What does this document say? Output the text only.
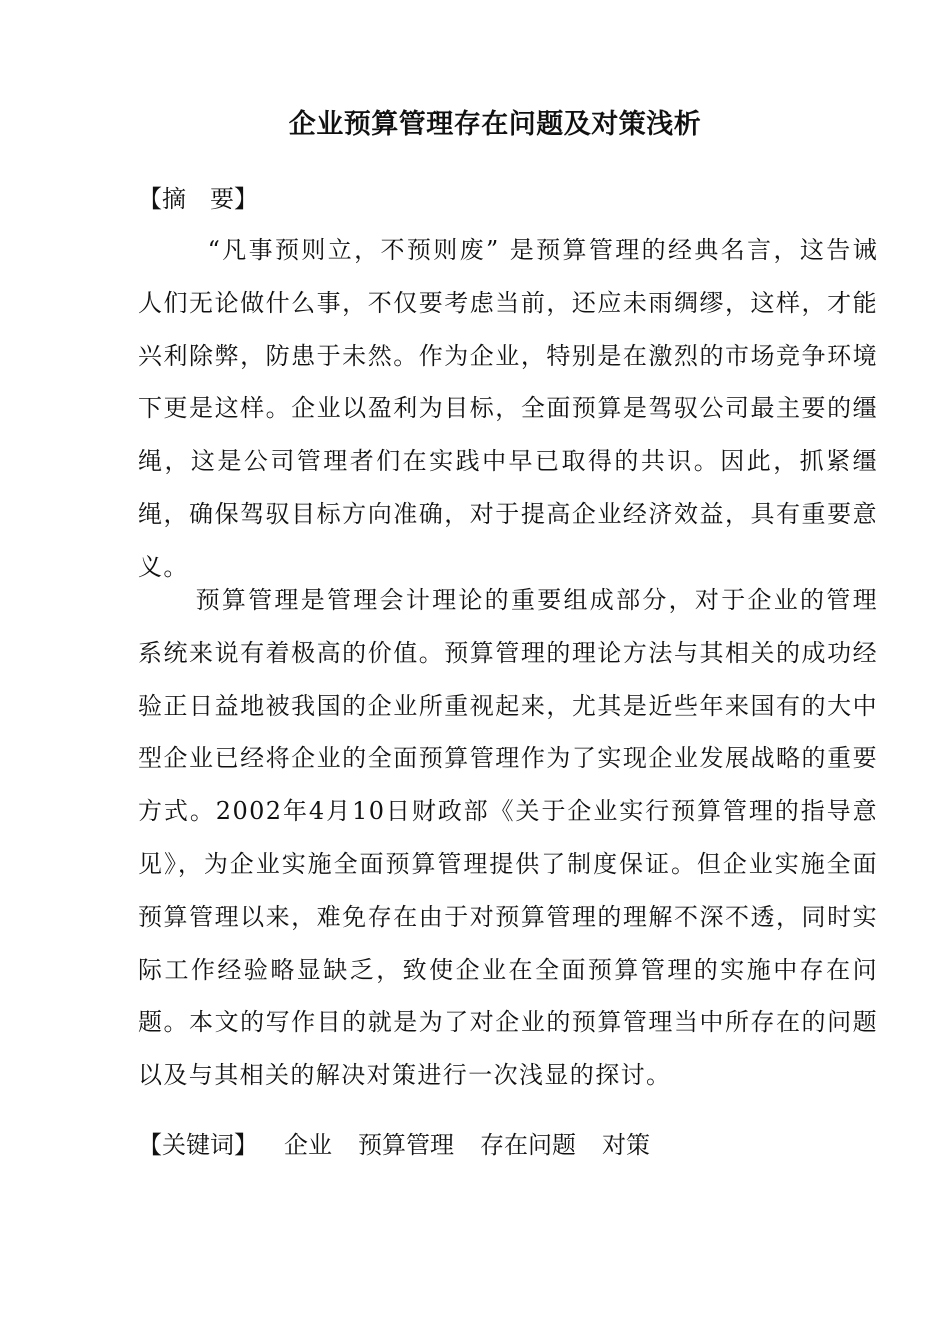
企业预算管理存在问题及对策浅析

【摘　要】

“凡事预则立，不预则废” 是预算管理的经典名言，这告诫人们无论做什么事，不仅要考虑当前，还应未雨绸缪，这样，才能兴利除弊，防患于未然。作为企业，特别是在激烈的市场竞争环境下更是这样。企业以盈利为目标，全面预算是驾驭公司最主要的缰绳，这是公司管理者们在实践中早已取得的共识。因此，抓紧缰绳，确保驾驭目标方向准确，对于提高企业经济效益，具有重要意义。

预算管理是管理会计理论的重要组成部分，对于企业的管理系统来说有着极高的价值。预算管理的理论方法与其相关的成功经验正日益地被我国的企业所重视起来，尤其是近些年来国有的大中型企业已经将企业的全面预算管理作为了实现企业发展战略的重要方式。2002年4月10日财政部《关于企业实行预算管理的指导意见》，为企业实施全面预算管理提供了制度保证。但企业实施全面预算管理以来，难免存在由于对预算管理的理解不深不透，同时实际工作经验略显缺乏，致使企业在全面预算管理的实施中存在问题。本文的写作目的就是为了对企业的预算管理当中所存在的问题以及与其相关的解决对策进行一次浅显的探讨。

【关键词】 企业 预算管理 存在问题 对策
